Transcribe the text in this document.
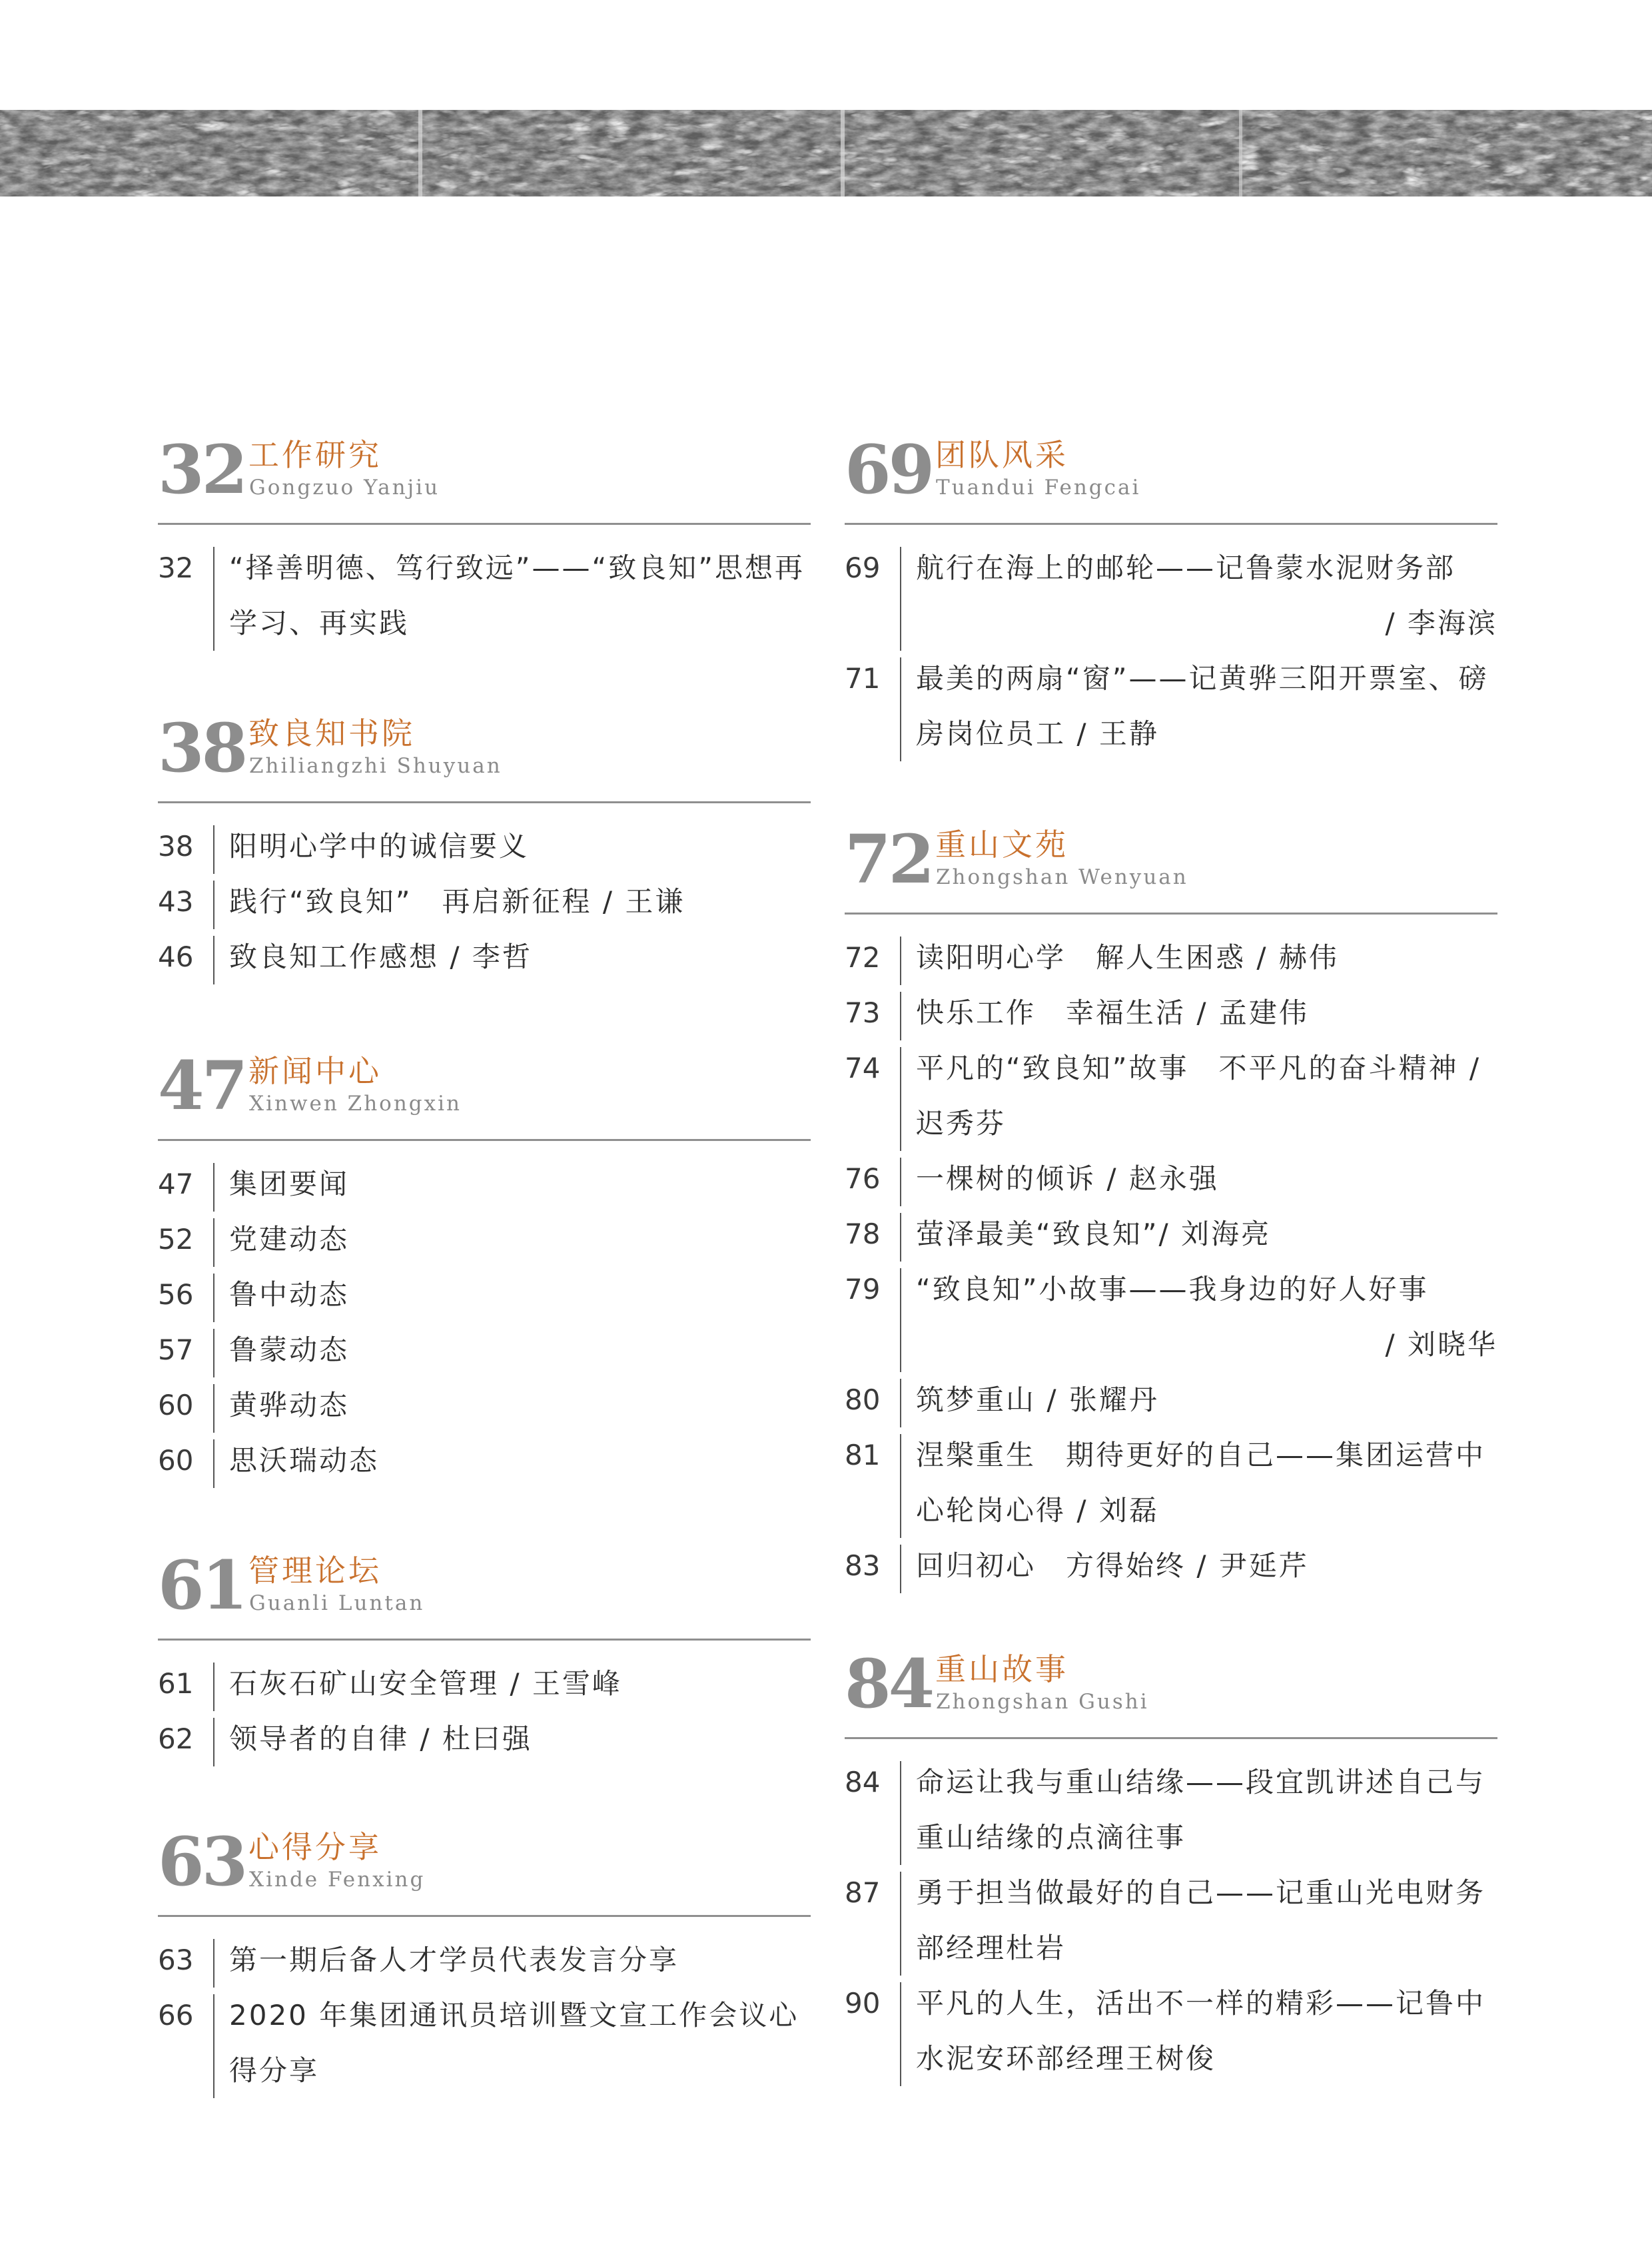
32 工作研究
Gongzuo Yanjiu
32	“择善明德、笃行致远”——“致良知”思想再学习、再实践
38 致良知书院
Zhiliangzhi Shuyuan
38	阳明心学中的诚信要义
43	践行“致良知”　再启新征程 / 王谦
46	致良知工作感想 / 李哲
47 新闻中心
Xinwen Zhongxin
47	集团要闻
52	党建动态
56	鲁中动态
57	鲁蒙动态
60	黄骅动态
60	思沃瑞动态
61 管理论坛
Guanli Luntan
61	石灰石矿山安全管理 / 王雪峰
62	领导者的自律 / 杜曰强
63 心得分享
Xinde Fenxing
63	第一期后备人才学员代表发言分享
66	2020 年集团通讯员培训暨文宣工作会议心得分享
69 团队风采
Tuandui Fengcai
69	航行在海上的邮轮——记鲁蒙水泥财务部
/ 李海滨
71	最美的两扇“窗”——记黄骅三阳开票室、磅房岗位员工 / 王静
72 重山文苑
Zhongshan Wenyuan
72	读阳明心学　解人生困惑 / 赫伟
73	快乐工作　幸福生活 / 孟建伟
74	平凡的“致良知”故事　不平凡的奋斗精神 / 迟秀芬
76	一棵树的倾诉 / 赵永强
78	萤泽最美“致良知”/ 刘海亮
79	“致良知”小故事——我身边的好人好事
/ 刘晓华
80	筑梦重山 / 张耀丹
81	涅槃重生　期待更好的自己——集团运营中心轮岗心得 / 刘磊
83	回归初心　方得始终 / 尹延芹
84 重山故事
Zhongshan Gushi
84	命运让我与重山结缘——段宜凯讲述自己与重山结缘的点滴往事
87	勇于担当做最好的自己——记重山光电财务部经理杜岩
90	平凡的人生，活出不一样的精彩——记鲁中水泥安环部经理王树俊
